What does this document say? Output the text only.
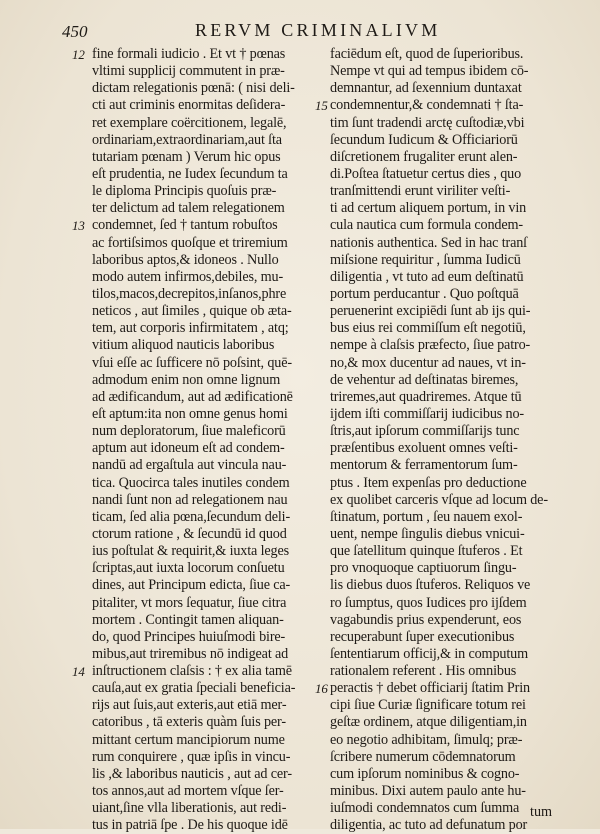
450	RERVM CRIMINALIVM
12 fine formali iudicio . Et vt † pœnas
vltimi supplicij commutent in præ-
dictam relegationis pœnā: ( nisi deli-
cti aut criminis enormitas deſidera-
ret exemplare coërcitionem, legalē,
ordinariam,extraordinariam,aut ſta
tutariam pœnam ) Verum hic opus
eſt prudentia, ne Iudex ſecundum ta
le diploma Principis quoſuis præ-
ter delictum ad talem relegationem
13 condemnet, ſed † tantum robuſtos
ac fortiſsimos quoſque et triremium
laboribus aptos,& idoneos . Nullo
modo autem infirmos,debiles, mu-
tilos,macos,decrepitos,inſanos,phre
neticos , aut ſimiles , quique ob æta-
tem, aut corporis infirmitatem , atq;
vitium aliquod nauticis laboribus
vſui eſſe ac ſufficere nō poſsint, quē-
admodum enim non omne lignum
ad ædificandum, aut ad ædificationē
eſt aptum:ita non omne genus homi
num deploratorum, ſiue maleficorū
aptum aut idoneum eſt ad condem-
nandū ad ergaſtula aut vincula nau-
tica. Quocirca tales inutiles condem
nandi ſunt non ad relegationem nau
ticam, ſed alia pœna,ſecundum deli-
ctorum ratione , & ſecundū id quod
ius poſtulat & requirit,& iuxta leges
ſcriptas,aut iuxta locorum conſuetu
dines, aut Principum edicta, ſiue ca-
pitaliter, vt mors ſequatur, ſiue citra
mortem . Contingit tamen aliquan-
do, quod Principes huiuſmodi bire-
mibus,aut triremibus nō indigeat ad
14 inſtructionem claſsis : † ex alia tamē
cauſa,aut ex gratia ſpeciali beneficia-
rijs aut ſuis,aut exteris,aut etiā mer-
catoribus , tā exteris quàm ſuis per-
mittant certum mancipiorum nume
rum conquirere , quæ ipſis in vincu-
lis ,& laboribus nauticis , aut ad cer-
tos annos,aut ad mortem vſque ſer-
uiant,ſine vlla liberationis, aut redi-
tus in patriā ſpe . De his quoque idē
faciēdum eſt, quod de ſuperioribus.
Nempe vt qui ad tempus ibidem cō-
demnantur, ad ſexennium duntaxat
15 condemnentur,& condemnati † ſta-
tim ſunt tradendi arctę cuſtodiæ,vbi
ſecundum Iudicum & Officiariorū
diſcretionem frugaliter erunt alen-
di.Poſtea ſtatuetur certus dies , quo
tranſmittendi erunt viriliter veſti-
ti ad certum aliquem portum, in vin
cula nautica cum formula condem-
nationis authentica. Sed in hac tranſ
miſsione requiritur , ſumma Iudicū
diligentia , vt tuto ad eum deſtinatū
portum perducantur . Quo poſtquā
peruenerint excipiēdi ſunt ab ijs qui-
bus eius rei commiſſum eſt negotiū,
nempe à claſsis præfecto, ſiue patro-
no,& mox ducentur ad naues, vt in-
de vehentur ad deſtinatas biremes,
triremes,aut quadriremes. Atque tū
ijdem iſti commiſſarij iudicibus no-
ſtris,aut ipſorum commiſſarijs tunc
præſentibus exoluent omnes veſti-
mentorum & ferramentorum ſum-
ptus . Item expenſas pro deductione
ex quolibet carceris vſque ad locum de-
ſtinatum, portum , ſeu nauem exol-
uent, nempe ſingulis diebus vnicui-
que ſatellitum quinque ſtuferos . Et
pro vnoquoque captiuorum ſingu-
lis diebus duos ſtuferos. Reliquos ve
ro ſumptus, quos Iudices pro ijſdem
vagabundis prius expenderunt, eos
recuperabunt ſuper executionibus
ſententiarum officij,& in computum
rationalem referent . His omnibus
16 peractis † debet officiarij ſtatim Prin
cipi ſiue Curiæ ſignificare totum rei
geſtæ ordinem, atque diligentiam,in
eo negotio adhibitam, ſimulq; præ-
ſcribere numerum cōdemnatorum
cum ipſorum nominibus & cogno-
minibus. Dixi autem paulo ante hu-
iuſmodi condemnatos cum ſumma
diligentia, ac tuto ad defunatum por
tum
